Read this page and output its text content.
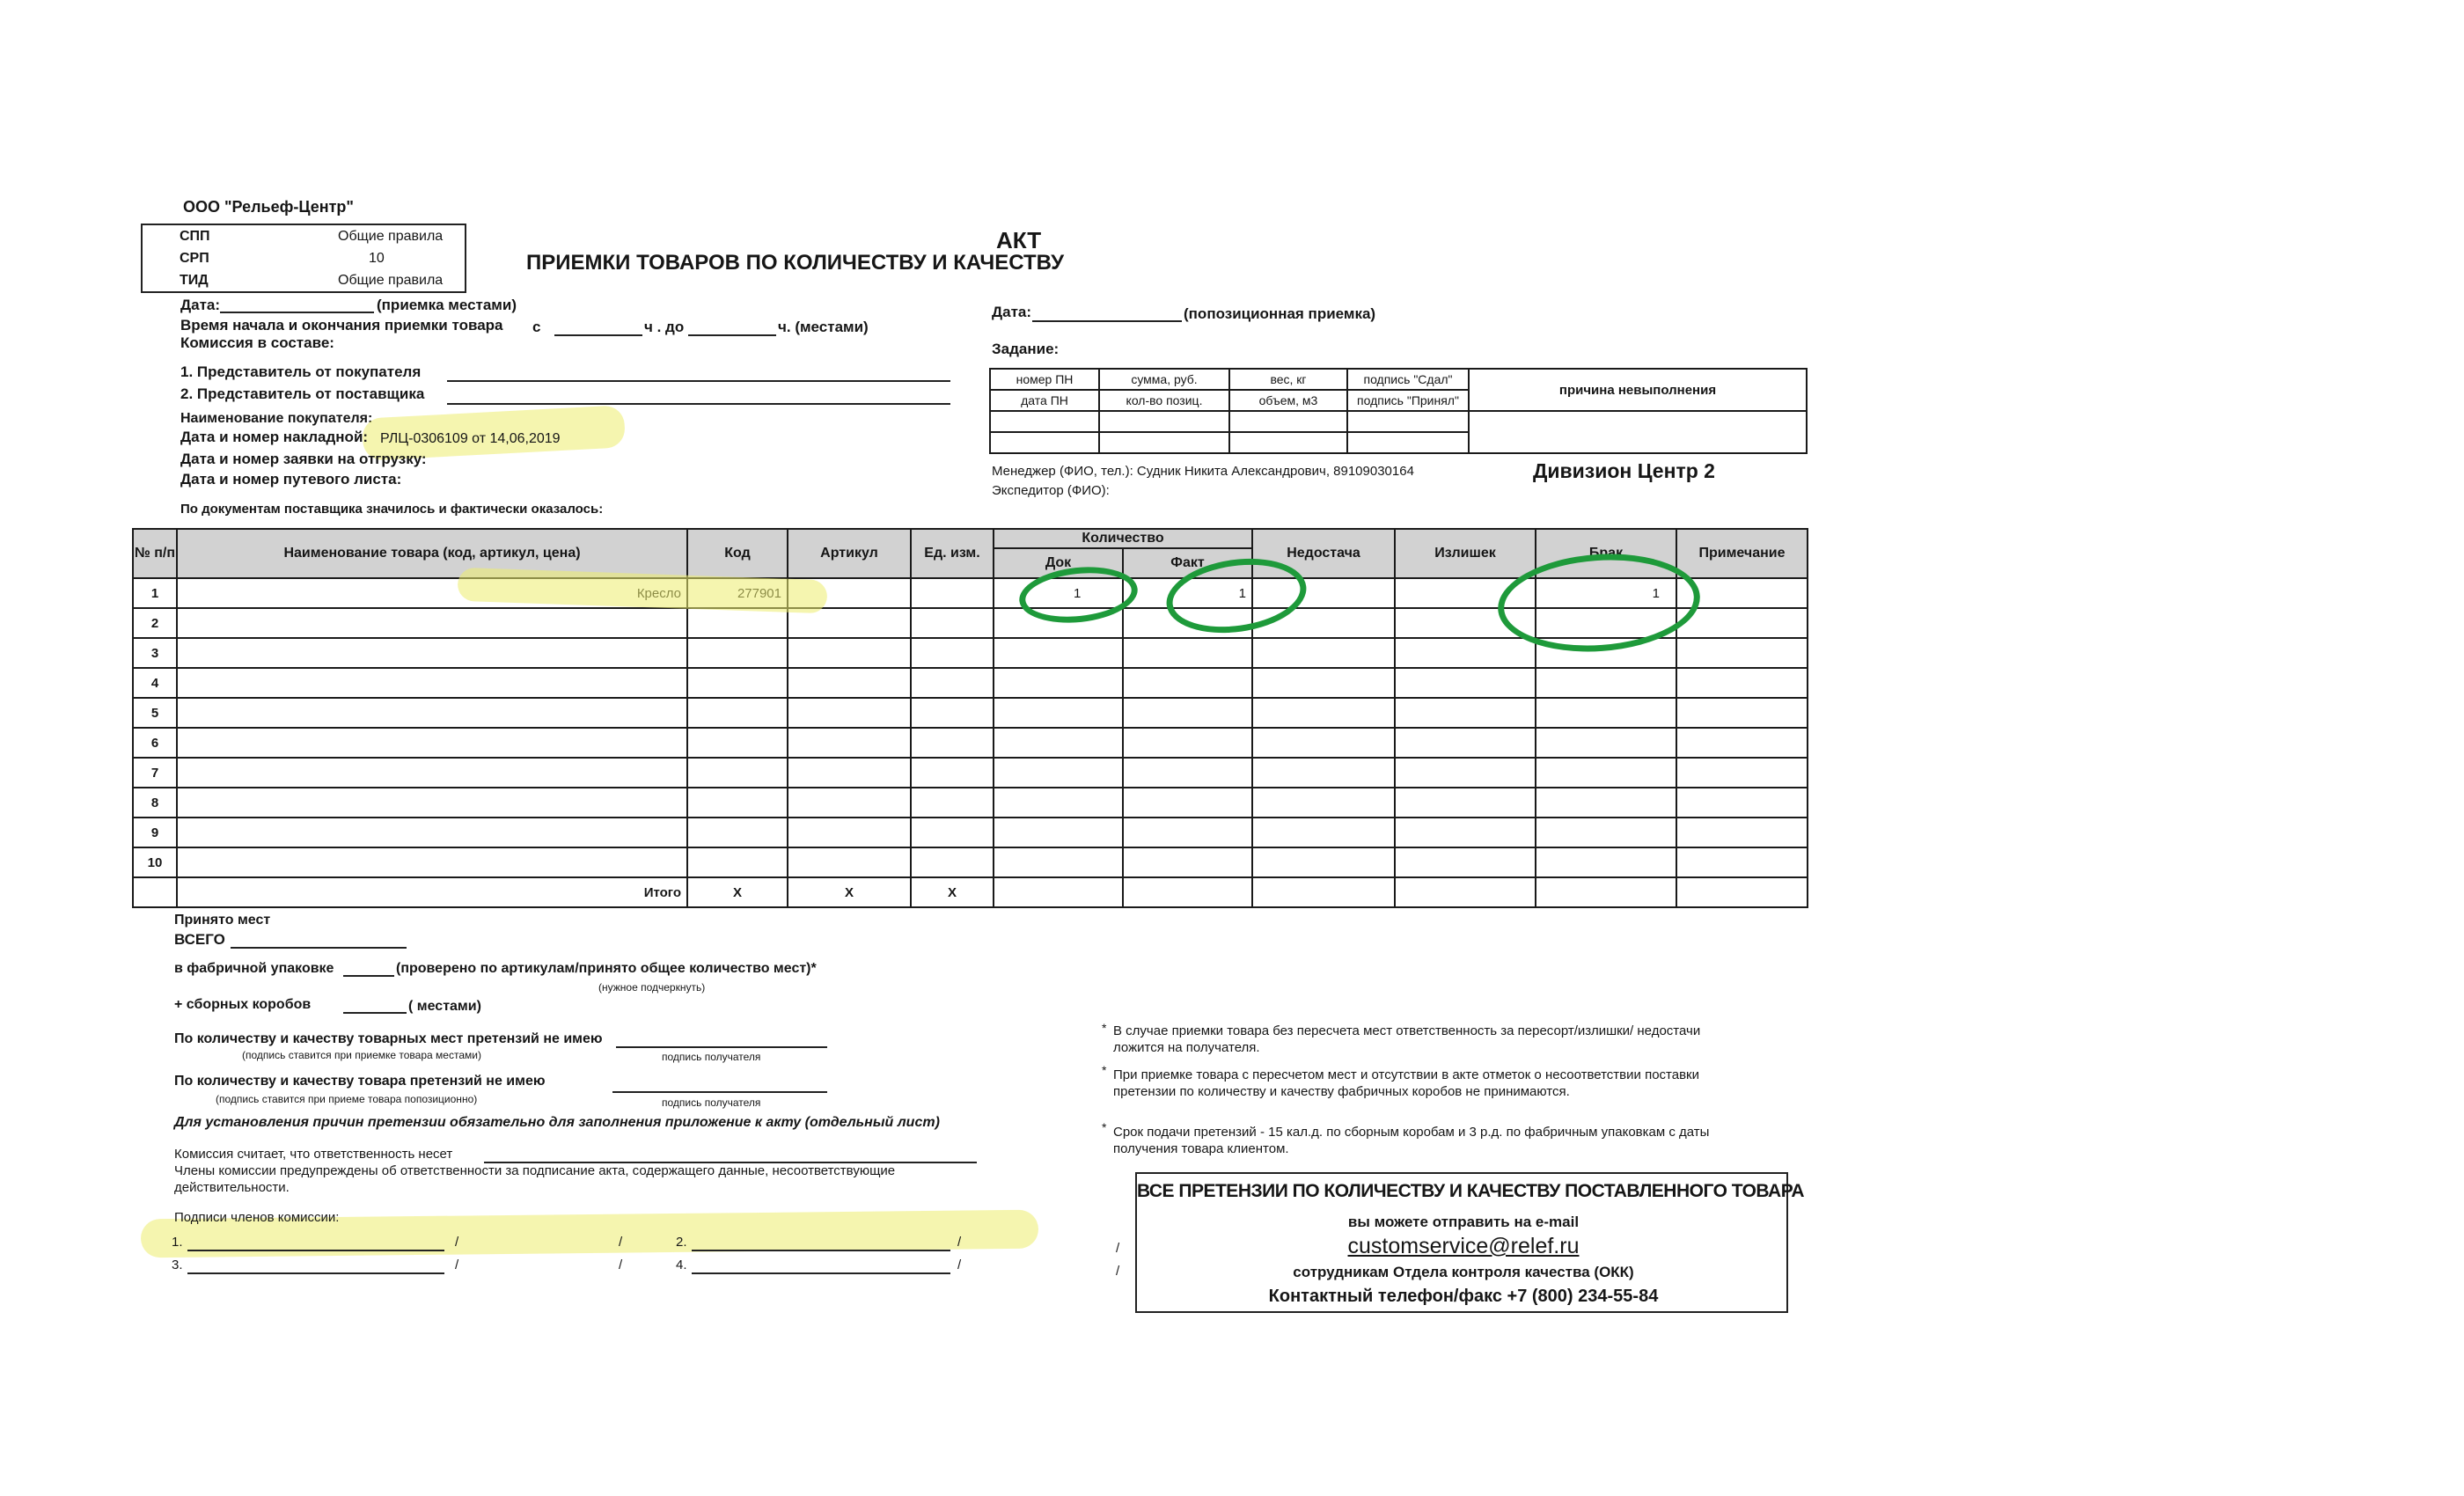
ООО "Рельеф-Центр"
СПП	Общие правила
СРП	10
ТИД	Общие правила
АКТ
ПРИЕМКИ ТОВАРОВ ПО КОЛИЧЕСТВУ И КАЧЕСТВУ
Дата:	(приемка местами)
Время начала и окончания приемки товара с	ч . до	ч. (местами)
Комиссия в составе:
1. Представитель от покупателя
2. Представитель от поставщика
Наименование покупателя:
Дата и номер накладной: РЛЦ-0306109 от 14,06,2019
Дата и номер заявки на отгрузку:
Дата и номер путевого листа:
По документам поставщика значилось и фактически оказалось:
Дата:	(попозиционная приемка)
Задание:
номер ПН	сумма, руб.	вес, кг	подпись "Сдал"	причина невыполнения
дата ПН	кол-во позиц.	объем, м3	подпись "Принял"	

Менеджер (ФИО, тел.): Судник Никита Александрович, 89109030164
Экспедитор (ФИО):
Дивизион Центр 2
№ п/п	Наименование товара (код, артикул, цена)	Код	Артикул	Ед. изм.	Количество		Недостача	Излишек	Брак	Примечание
					Док	Факт				
1					1	1			1	
2										
3										
4										
5										
6										
7										
8										
9										
10										
	Итого	Х	Х	Х						
Принято мест
ВСЕГО
в фабричной упаковке	(проверено по артикулам/принято общее количество мест)*
(нужное подчеркнуть)
+ сборных коробов	( местами)
По количеству и качеству товарных мест претензий не имею
(подпись ставится при приемке товара местами)	подпись получателя
По количеству и качеству товара претензий не имею
(подпись ставится при приеме товара попозиционно)	подпись получателя
Для установления причин претензии обязательно для заполнения приложение к акту (отдельный лист)
Комиссия считает, что ответственность несет
Члены комиссии предупреждены об ответственности за подписание акта, содержащего данные, несоответствующие
действительности.
Подписи членов комиссии:
1.	/	/	2.	/	/
3.	/	/	4.	/	/
* В случае приемки товара без пересчета мест ответственность за пересорт/излишки/ недостачи
ложится на получателя.
* При приемке товара с пересчетом мест и отсутствии в акте отметок о несоответствии поставки
претензии по количеству и качеству фабричных коробов не принимаются.
* Срок подачи претензий - 15 кал.д. по сборным коробам и 3 р.д. по фабричным упаковкам с даты
получения товара клиентом.
ВСЕ ПРЕТЕНЗИИ ПО КОЛИЧЕСТВУ И КАЧЕСТВУ ПОСТАВЛЕННОГО ТОВАРА
вы можете отправить на e-mail
customservice@relef.ru
сотрудникам Отдела контроля качества (ОКК)
Контактный телефон/факс +7 (800) 234-55-84
